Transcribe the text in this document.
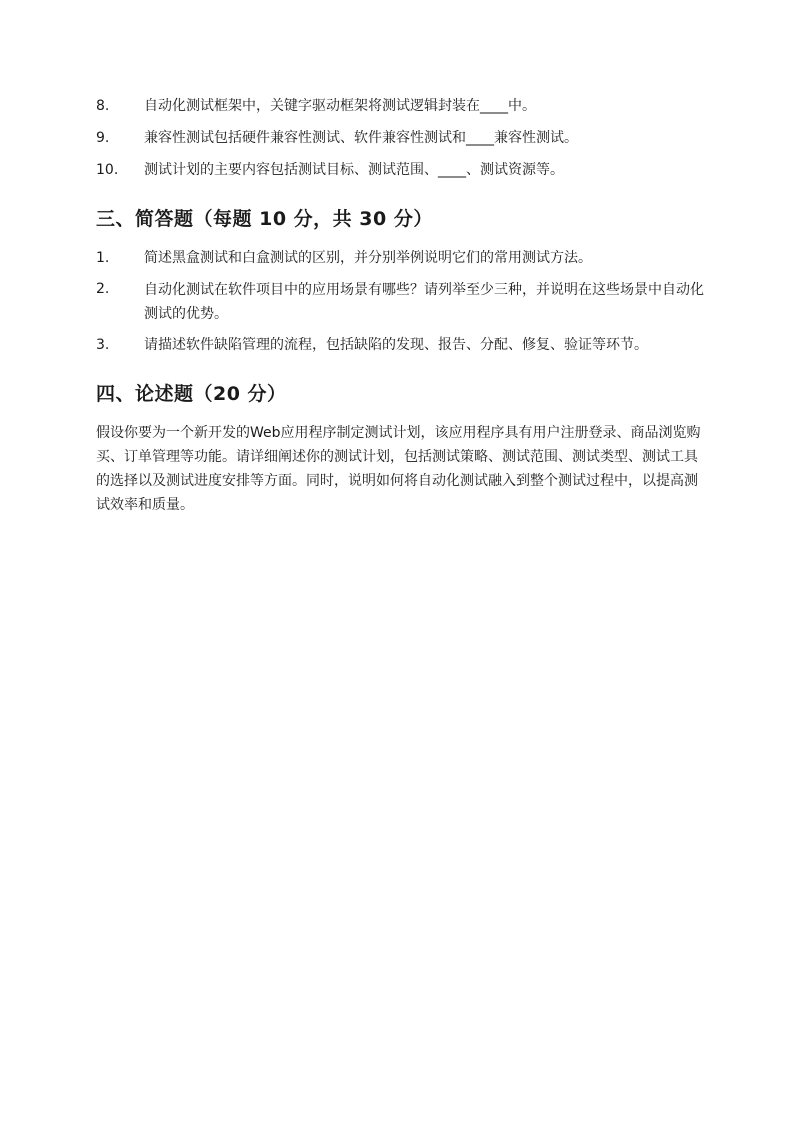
8. 自动化测试框架中，关键字驱动框架将测试逻辑封装在____中。
9. 兼容性测试包括硬件兼容性测试、软件兼容性测试和____兼容性测试。
10. 测试计划的主要内容包括测试目标、测试范围、____、测试资源等。
三、简答题（每题 10 分，共 30 分）
1. 简述黑盒测试和白盒测试的区别，并分别举例说明它们的常用测试方法。
2. 自动化测试在软件项目中的应用场景有哪些？请列举至少三种，并说明在这些场景中自动化测试的优势。
3. 请描述软件缺陷管理的流程，包括缺陷的发现、报告、分配、修复、验证等环节。
四、论述题（20 分）
假设你要为一个新开发的Web应用程序制定测试计划，该应用程序具有用户注册登录、商品浏览购买、订单管理等功能。请详细阐述你的测试计划，包括测试策略、测试范围、测试类型、测试工具的选择以及测试进度安排等方面。同时，说明如何将自动化测试融入到整个测试过程中，以提高测试效率和质量。
